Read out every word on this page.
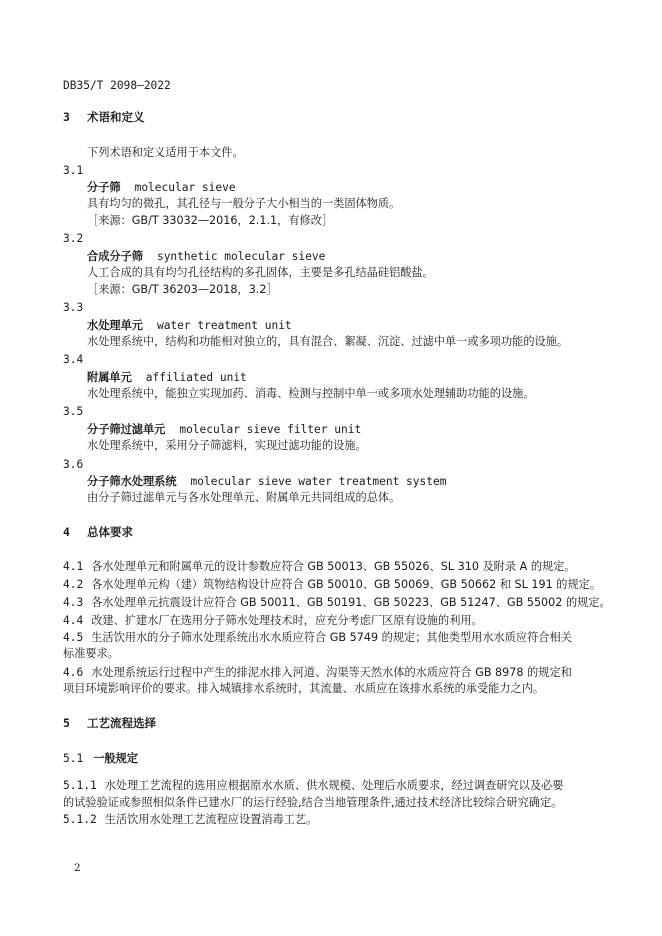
DB35/T 2098—2022
3 术语和定义
下列术语和定义适用于本文件。
3.1
分子筛 molecular sieve
具有均匀的微孔，其孔径与一般分子大小相当的一类固体物质。
［来源：GB/T 33032—2016，2.1.1，有修改］
3.2
合成分子筛 synthetic molecular sieve
人工合成的具有均匀孔径结构的多孔固体，主要是多孔结晶硅铝酸盐。
［来源：GB/T 36203—2018，3.2］
3.3
水处理单元 water treatment unit
水处理系统中，结构和功能相对独立的，具有混合、絮凝、沉淀、过滤中单一或多项功能的设施。
3.4
附属单元 affiliated unit
水处理系统中，能独立实现加药、消毒、检测与控制中单一或多项水处理辅助功能的设施。
3.5
分子筛过滤单元 molecular sieve filter unit
水处理系统中，采用分子筛滤料，实现过滤功能的设施。
3.6
分子筛水处理系统 molecular sieve water treatment system
由分子筛过滤单元与各水处理单元、附属单元共同组成的总体。
4 总体要求
4.1 各水处理单元和附属单元的设计参数应符合 GB 50013、GB 55026、SL 310 及附录 A 的规定。
4.2 各水处理单元构（建）筑物结构设计应符合 GB 50010、GB 50069、GB 50662 和 SL 191 的规定。
4.3 各水处理单元抗震设计应符合 GB 50011、GB 50191、GB 50223、GB 51247、GB 55002 的规定。
4.4 改建、扩建水厂在选用分子筛水处理技术时，应充分考虑厂区原有设施的利用。
4.5 生活饮用水的分子筛水处理系统出水水质应符合 GB 5749 的规定；其他类型用水水质应符合相关
标准要求。
4.6 水处理系统运行过程中产生的排泥水排入河道、沟渠等天然水体的水质应符合 GB 8978 的规定和
项目环境影响评价的要求。排入城镇排水系统时，其流量、水质应在该排水系统的承受能力之内。
5 工艺流程选择
5.1 一般规定
5.1.1 水处理工艺流程的选用应根据原水水质、供水规模、处理后水质要求，经过调查研究以及必要
的试验验证或参照相似条件已建水厂的运行经验,结合当地管理条件,通过技术经济比较综合研究确定。
5.1.2 生活饮用水处理工艺流程应设置消毒工艺。
2
